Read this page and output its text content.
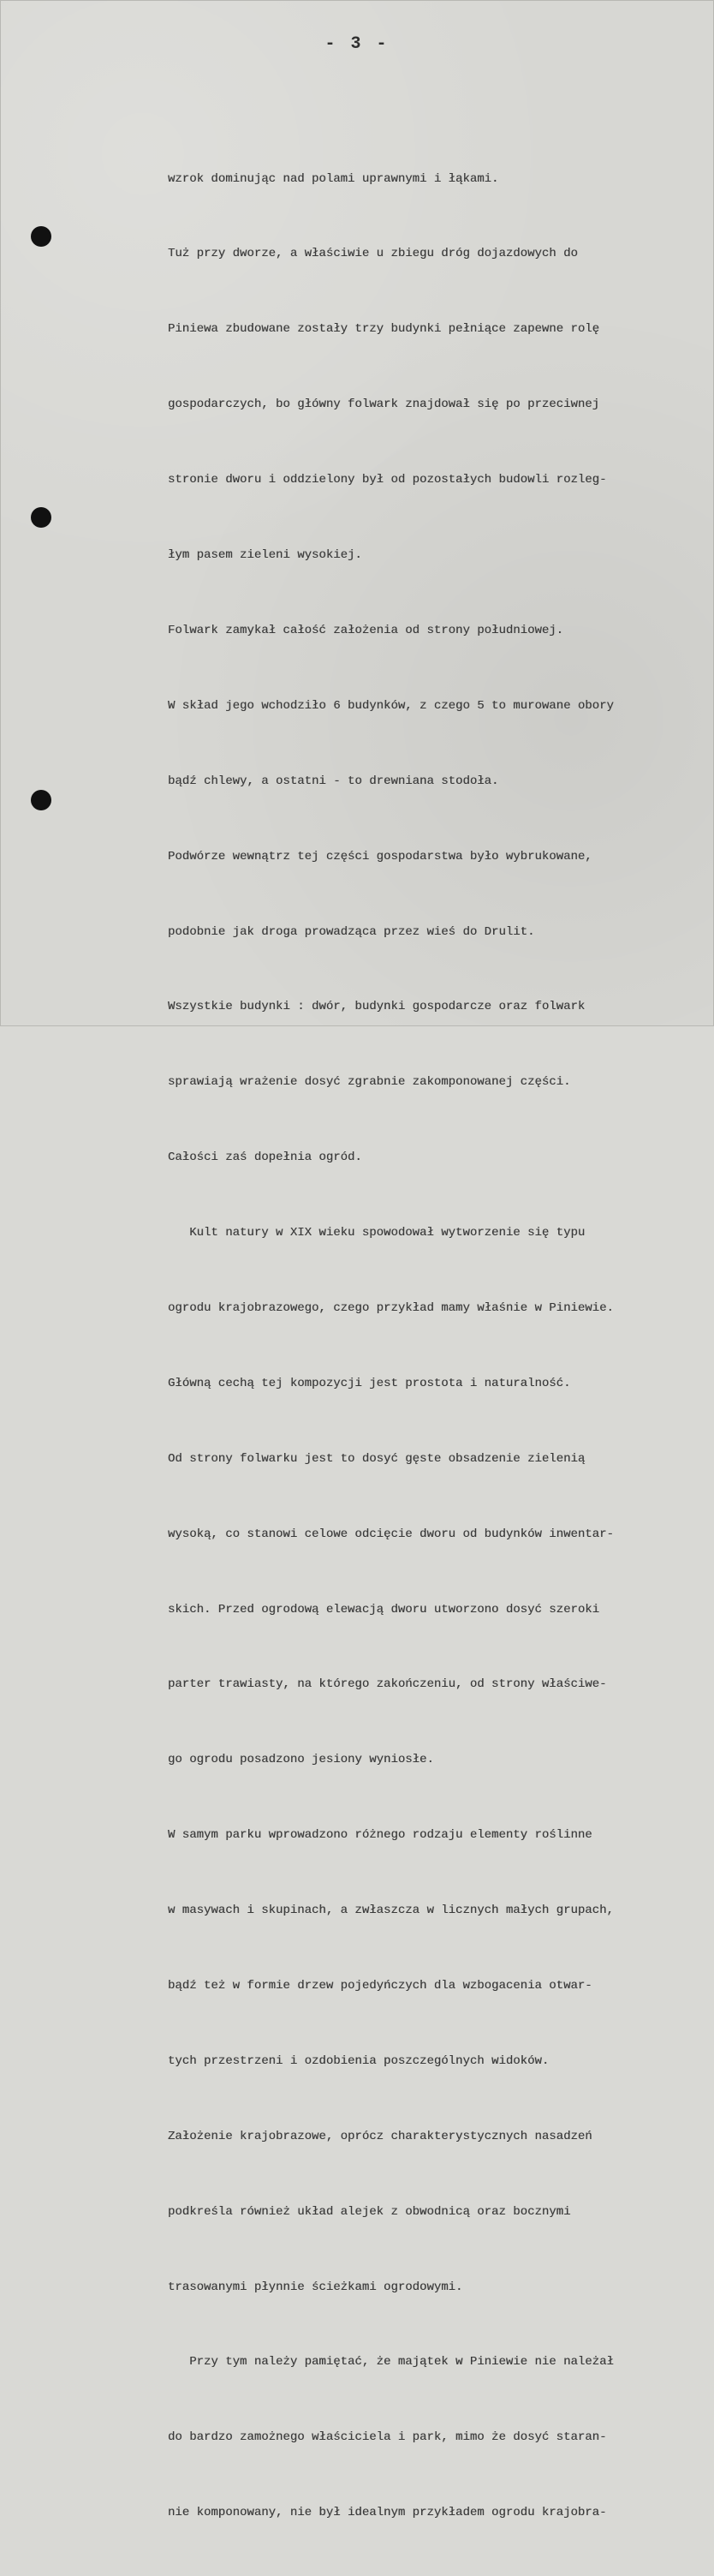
- 3 -

wzrok dominując nad polami uprawnymi i łąkami.

Tuż przy dworze, a właściwie u zbiegu dróg dojazdowych do

Piniewa zbudowane zostały trzy budynki pełniące zapewne rolę

gospodarczych, bo główny folwark znajdował się po przeciwnej

stronie dworu i oddzielony był od pozostałych budowli rozleg-

łym pasem zieleni wysokiej.

Folwark zamykał całość założenia od strony południowej.

W skład jego wchodziło 6 budynków, z czego 5 to murowane obory

bądź chlewy, a ostatni - to drewniana stodoła.

Podwórze wewnątrz tej części gospodarstwa było wybrukowane,

podobnie jak droga prowadząca przez wieś do Drulit.

Wszystkie budynki : dwór, budynki gospodarcze oraz folwark

sprawiają wrażenie dosyć zgrabnie zakomponowanej części.

Całości zaś dopełnia ogród.

Kult natury w XIX wieku spowodował wytworzenie się typu

ogrodu krajobrazowego, czego przykład mamy właśnie w Piniewie.

Główną cechą tej kompozycji jest prostota i naturalność.

Od strony folwarku jest to dosyć gęste obsadzenie zielenią

wysoką, co stanowi celowe odcięcie dworu od budynków inwentar-

skich. Przed ogrodową elewacją dworu utworzono dosyć szeroki

parter trawiasty, na którego zakończeniu, od strony właściwe-

go ogrodu posadzono jesiony wyniosłe.

W samym parku wprowadzono różnego rodzaju elementy roślinne

w masywach i skupinach, a zwłaszcza w licznych małych grupach,

bądź też w formie drzew pojedyńczych dla wzbogacenia otwar-

tych przestrzeni i ozdobienia poszczególnych widoków.

Założenie krajobrazowe, oprócz charakterystycznych nasadzeń

podkreśla również układ alejek z obwodnicą oraz bocznymi

trasowanymi płynnie ścieżkami ogrodowymi.

Przy tym należy pamiętać, że majątek w Piniewie nie należał

do bardzo zamożnego właściciela i park, mimo że dosyć staran-

nie komponowany, nie był idealnym przykładem ogrodu krajobra-
